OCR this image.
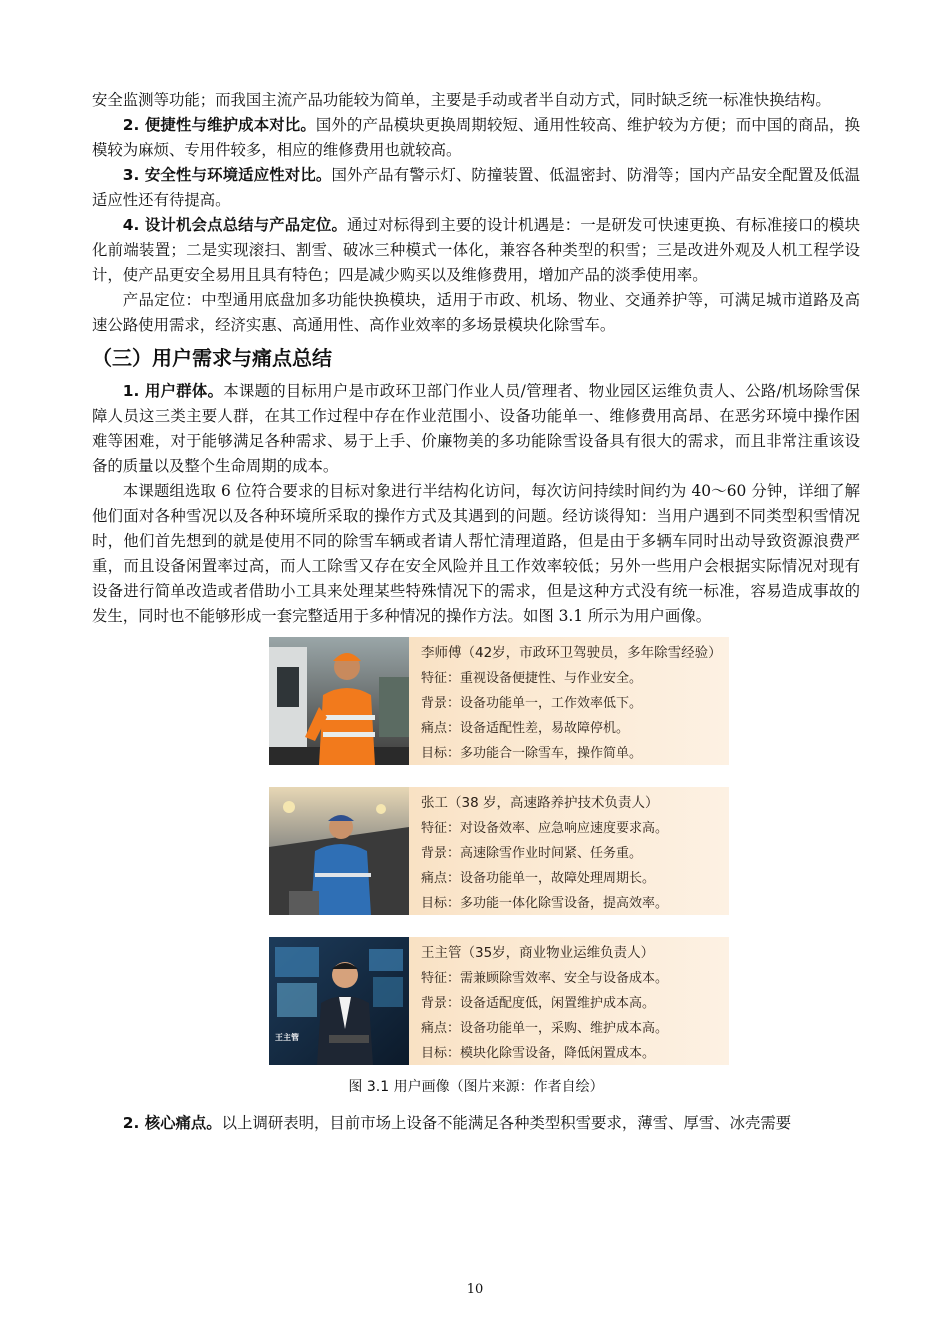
安全监测等功能；而我国主流产品功能较为简单，主要是手动或者半自动方式，同时缺乏统一标准快换结构。

2. 便捷性与维护成本对比。国外的产品模块更换周期较短、通用性较高、维护较为方便；而中国的商品，换模较为麻烦、专用件较多，相应的维修费用也就较高。

3. 安全性与环境适应性对比。国外产品有警示灯、防撞装置、低温密封、防滑等；国内产品安全配置及低温适应性还有待提高。

4. 设计机会点总结与产品定位。通过对标得到主要的设计机遇是：一是研发可快速更换、有标准接口的模块化前端装置；二是实现滚扫、割雪、破冰三种模式一体化，兼容各种类型的积雪；三是改进外观及人机工程学设计，使产品更安全易用且具有特色；四是减少购买以及维修费用，增加产品的淡季使用率。

产品定位：中型通用底盘加多功能快换模块，适用于市政、机场、物业、交通养护等，可满足城市道路及高速公路使用需求，经济实惠、高通用性、高作业效率的多场景模块化除雪车。

（三）用户需求与痛点总结

1. 用户群体。本课题的目标用户是市政环卫部门作业人员/管理者、物业园区运维负责人、公路/机场除雪保障人员这三类主要人群，在其工作过程中存在作业范围小、设备功能单一、维修费用高昂、在恶劣环境中操作困难等困难，对于能够满足各种需求、易于上手、价廉物美的多功能除雪设备具有很大的需求，而且非常注重该设备的质量以及整个生命周期的成本。

本课题组选取 6 位符合要求的目标对象进行半结构化访问，每次访问持续时间约为 40～60 分钟，详细了解他们面对各种雪况以及各种环境所采取的操作方式及其遇到的问题。经访谈得知：当用户遇到不同类型积雪情况时，他们首先想到的就是使用不同的除雪车辆或者请人帮忙清理道路，但是由于多辆车同时出动导致资源浪费严重，而且设备闲置率过高，而人工除雪又存在安全风险并且工作效率较低；另外一些用户会根据实际情况对现有设备进行简单改造或者借助小工具来处理某些特殊情况下的需求，但是这种方式没有统一标准，容易造成事故的发生，同时也不能够形成一套完整适用于多种情况的操作方法。如图 3.1 所示为用户画像。

李师傅（42岁，市政环卫驾驶员，多年除雪经验）
特征：重视设备便捷性、与作业安全。
背景：设备功能单一，工作效率低下。
痛点：设备适配性差，易故障停机。
目标：多功能合一除雪车，操作简单。
张工（38 岁，高速路养护技术负责人）
特征：对设备效率、应急响应速度要求高。
背景：高速除雪作业时间紧、任务重。
痛点：设备功能单一，故障处理周期长。
目标：多功能一体化除雪设备，提高效率。
王主管
王主管（35岁，商业物业运维负责人）
特征：需兼顾除雪效率、安全与设备成本。
背景：设备适配度低，闲置维护成本高。
痛点：设备功能单一，采购、维护成本高。
目标：模块化除雪设备，降低闲置成本。
图 3.1 用户画像（图片来源：作者自绘）

2. 核心痛点。以上调研表明，目前市场上设备不能满足各种类型积雪要求，薄雪、厚雪、冰壳需要

10
